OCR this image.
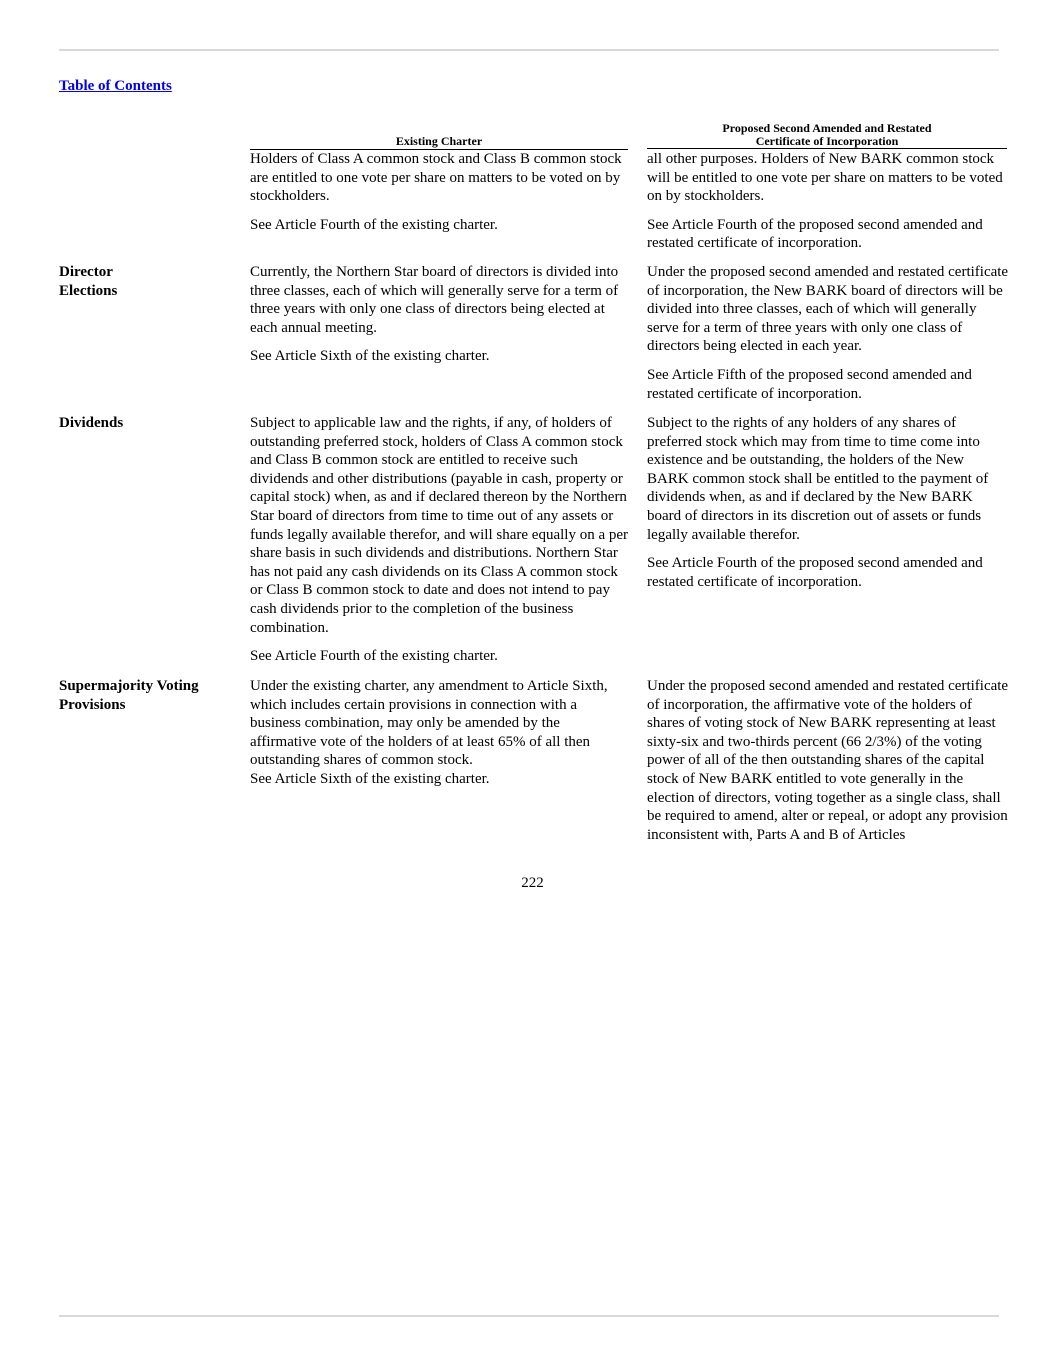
Table of Contents
Existing Charter
Proposed Second Amended and Restated
Certificate of Incorporation

Holders of Class A common stock and Class B common stock are entitled to one vote per share on matters to be voted on by stockholders.

See Article Fourth of the existing charter.

all other purposes. Holders of New BARK common stock will be entitled to one vote per share on matters to be voted on by stockholders.

See Article Fourth of the proposed second amended and restated certificate of incorporation.

Director
Elections

Currently, the Northern Star board of directors is divided into three classes, each of which will generally serve for a term of three years with only one class of directors being elected at each annual meeting.

See Article Sixth of the existing charter.

Under the proposed second amended and restated certificate of incorporation, the New BARK board of directors will be divided into three classes, each of which will generally serve for a term of three years with only one class of directors being elected in each year.

See Article Fifth of the proposed second amended and restated certificate of incorporation.

Dividends	Subject to applicable law and the rights, if any, of holders of outstanding preferred stock, holders of Class A common stock and Class B common stock are entitled to receive such dividends and other distributions (payable in cash, property or capital stock) when, as and if declared thereon by the Northern Star board of directors from time to time out of any assets or funds legally available therefor, and will share equally on a per share basis in such dividends and distributions. Northern Star has not paid any cash dividends on its Class A common stock or Class B common stock to date and does not intend to pay cash dividends prior to the completion of the business combination.

See Article Fourth of the existing charter.

Subject to the rights of any holders of any shares of preferred stock which may from time to time come into existence and be outstanding, the holders of the New BARK common stock shall be entitled to the payment of dividends when, as and if declared by the New BARK board of directors in its discretion out of assets or funds legally available therefor.

See Article Fourth of the proposed second amended and restated certificate of incorporation.

Supermajority Voting
Provisions

Under the existing charter, any amendment to Article Sixth, which includes certain provisions in connection with a business combination, may only be amended by the affirmative vote of the holders of at least 65% of all then outstanding shares of common stock.

See Article Sixth of the existing charter.

Under the proposed second amended and restated certificate of incorporation, the affirmative vote of the holders of shares of voting stock of New BARK representing at least sixty-six and two-thirds percent (66 2/3%) of the voting power of all of the then outstanding shares of the capital stock of New BARK entitled to vote generally in the election of directors, voting together as a single class, shall be required to amend, alter or repeal, or adopt any provision inconsistent with, Parts A and B of Articles

222
